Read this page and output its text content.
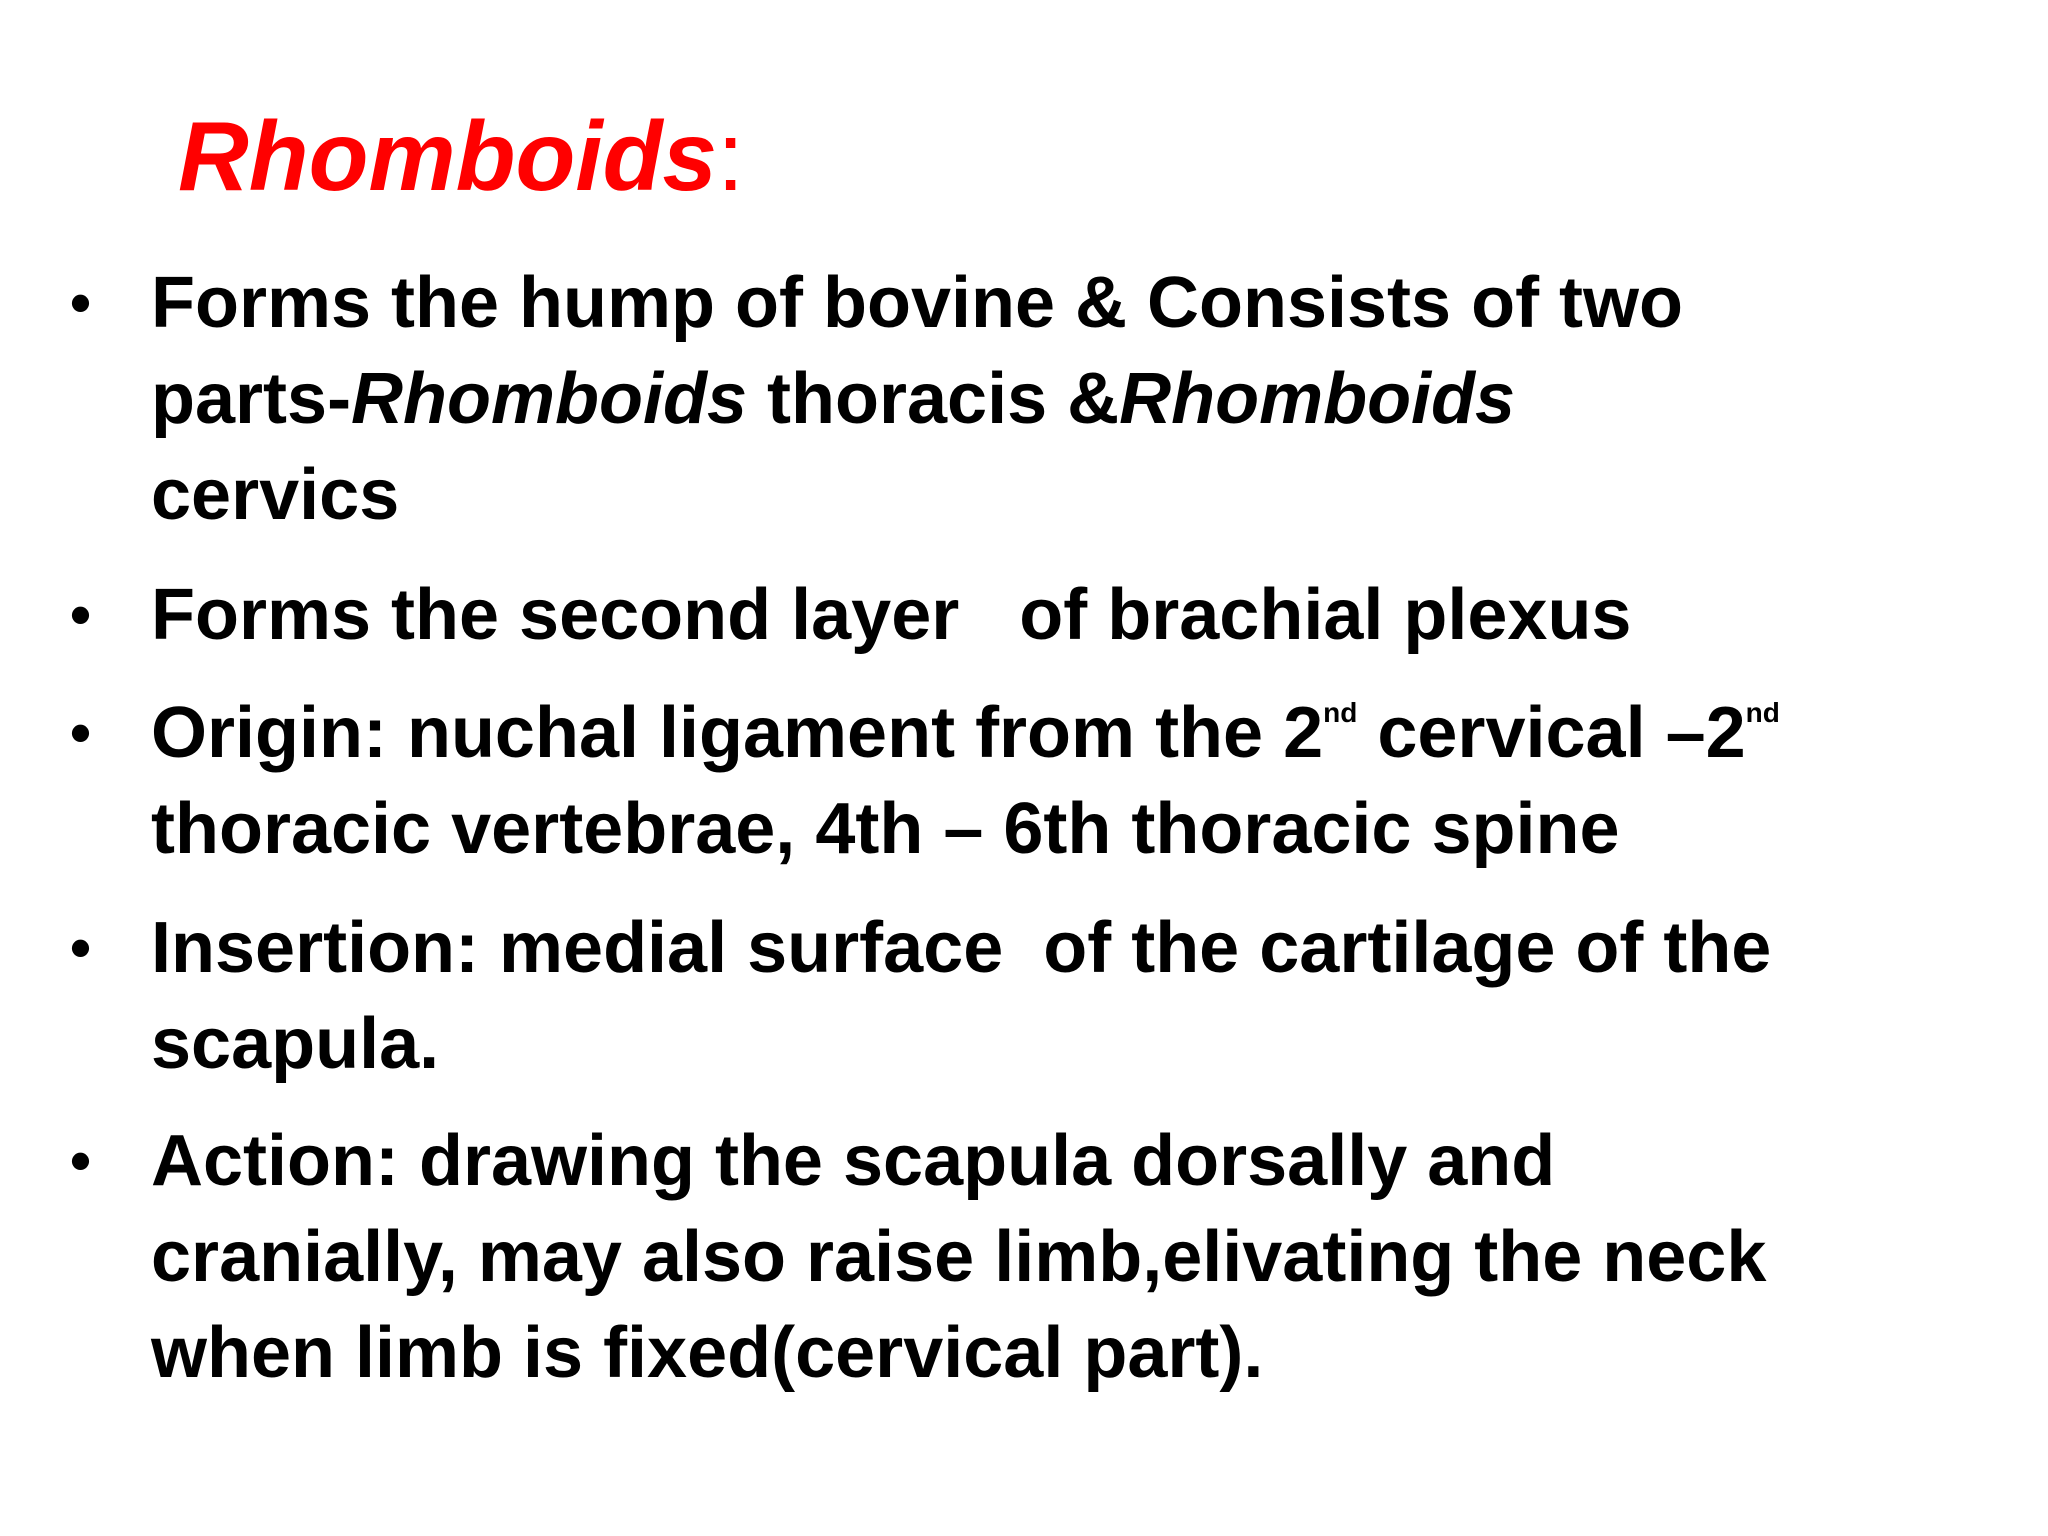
Rhomboids:
• Forms the hump of bovine & Consists of two
parts-Rhomboids thoracis &Rhomboids
cervics
• Forms the second layer   of brachial plexus
• Origin: nuchal ligament from the 2nd cervical –2nd
thoracic vertebrae, 4th – 6th thoracic spine
• Insertion: medial surface  of the cartilage of the
scapula.
• Action: drawing the scapula dorsally and
cranially, may also raise limb,elivating the neck
when limb is fixed(cervical part).
